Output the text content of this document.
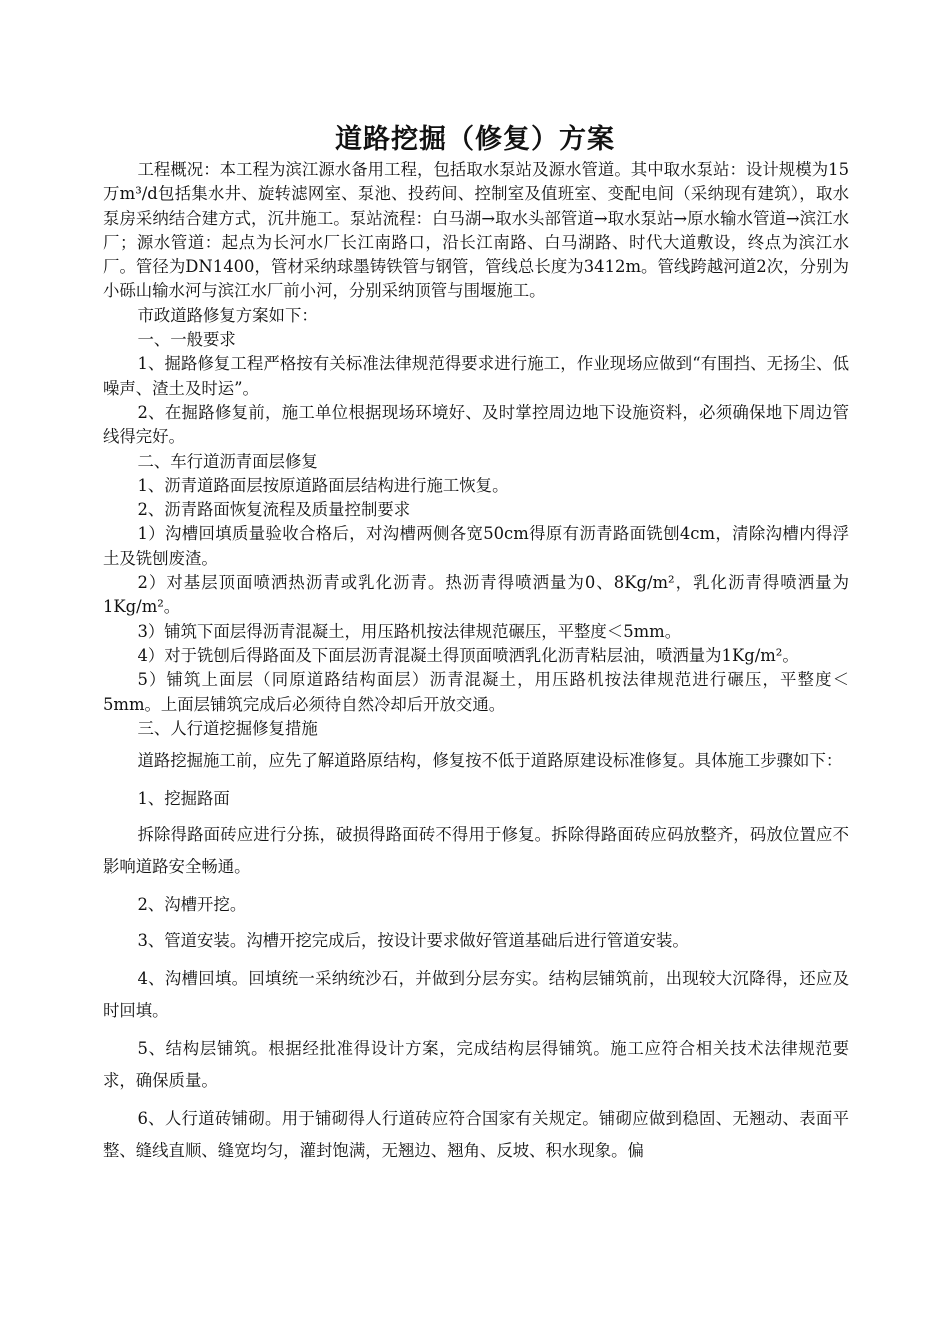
道路挖掘（修复）方案

工程概况：本工程为滨江源水备用工程，包括取水泵站及源水管道。其中取水泵站：设计规模为15万m³/d包括集水井、旋转滤网室、泵池、投药间、控制室及值班室、变配电间（采纳现有建筑），取水泵房采纳结合建方式，沉井施工。泵站流程：白马湖→取水头部管道→取水泵站→原水输水管道→滨江水厂；源水管道：起点为长河水厂长江南路口，沿长江南路、白马湖路、时代大道敷设，终点为滨江水厂。管径为DN1400，管材采纳球墨铸铁管与钢管，管线总长度为3412m。管线跨越河道2次，分别为小砾山输水河与滨江水厂前小河，分别采纳顶管与围堰施工。

市政道路修复方案如下：

一、一般要求

1、掘路修复工程严格按有关标准法律规范得要求进行施工，作业现场应做到“有围挡、无扬尘、低噪声、渣土及时运”。

2、在掘路修复前，施工单位根据现场环境好、及时掌控周边地下设施资料，必须确保地下周边管线得完好。

二、车行道沥青面层修复

1、沥青道路面层按原道路面层结构进行施工恢复。

2、沥青路面恢复流程及质量控制要求

1）沟槽回填质量验收合格后，对沟槽两侧各宽50cm得原有沥青路面铣刨4cm，清除沟槽内得浮土及铣刨废渣。

2）对基层顶面喷洒热沥青或乳化沥青。热沥青得喷洒量为0、8Kg/m²，乳化沥青得喷洒量为1Kg/m²。

3）铺筑下面层得沥青混凝土，用压路机按法律规范碾压，平整度＜5mm。

4）对于铣刨后得路面及下面层沥青混凝土得顶面喷洒乳化沥青粘层油，喷洒量为1Kg/m²。

5）铺筑上面层（同原道路结构面层）沥青混凝土，用压路机按法律规范进行碾压，平整度＜5mm。上面层铺筑完成后必须待自然冷却后开放交通。

三、人行道挖掘修复措施

道路挖掘施工前，应先了解道路原结构，修复按不低于道路原建设标准修复。具体施工步骤如下：

1、挖掘路面

拆除得路面砖应进行分拣，破损得路面砖不得用于修复。拆除得路面砖应码放整齐，码放位置应不影响道路安全畅通。

2、沟槽开挖。

3、管道安装。沟槽开挖完成后，按设计要求做好管道基础后进行管道安装。

4、沟槽回填。回填统一采纳统沙石，并做到分层夯实。结构层铺筑前，出现较大沉降得，还应及时回填。

5、结构层铺筑。根据经批准得设计方案，完成结构层得铺筑。施工应符合相关技术法律规范要求，确保质量。

6、人行道砖铺砌。用于铺砌得人行道砖应符合国家有关规定。铺砌应做到稳固、无翘动、表面平整、缝线直顺、缝宽均匀，灌封饱满，无翘边、翘角、反坡、积水现象。偏
